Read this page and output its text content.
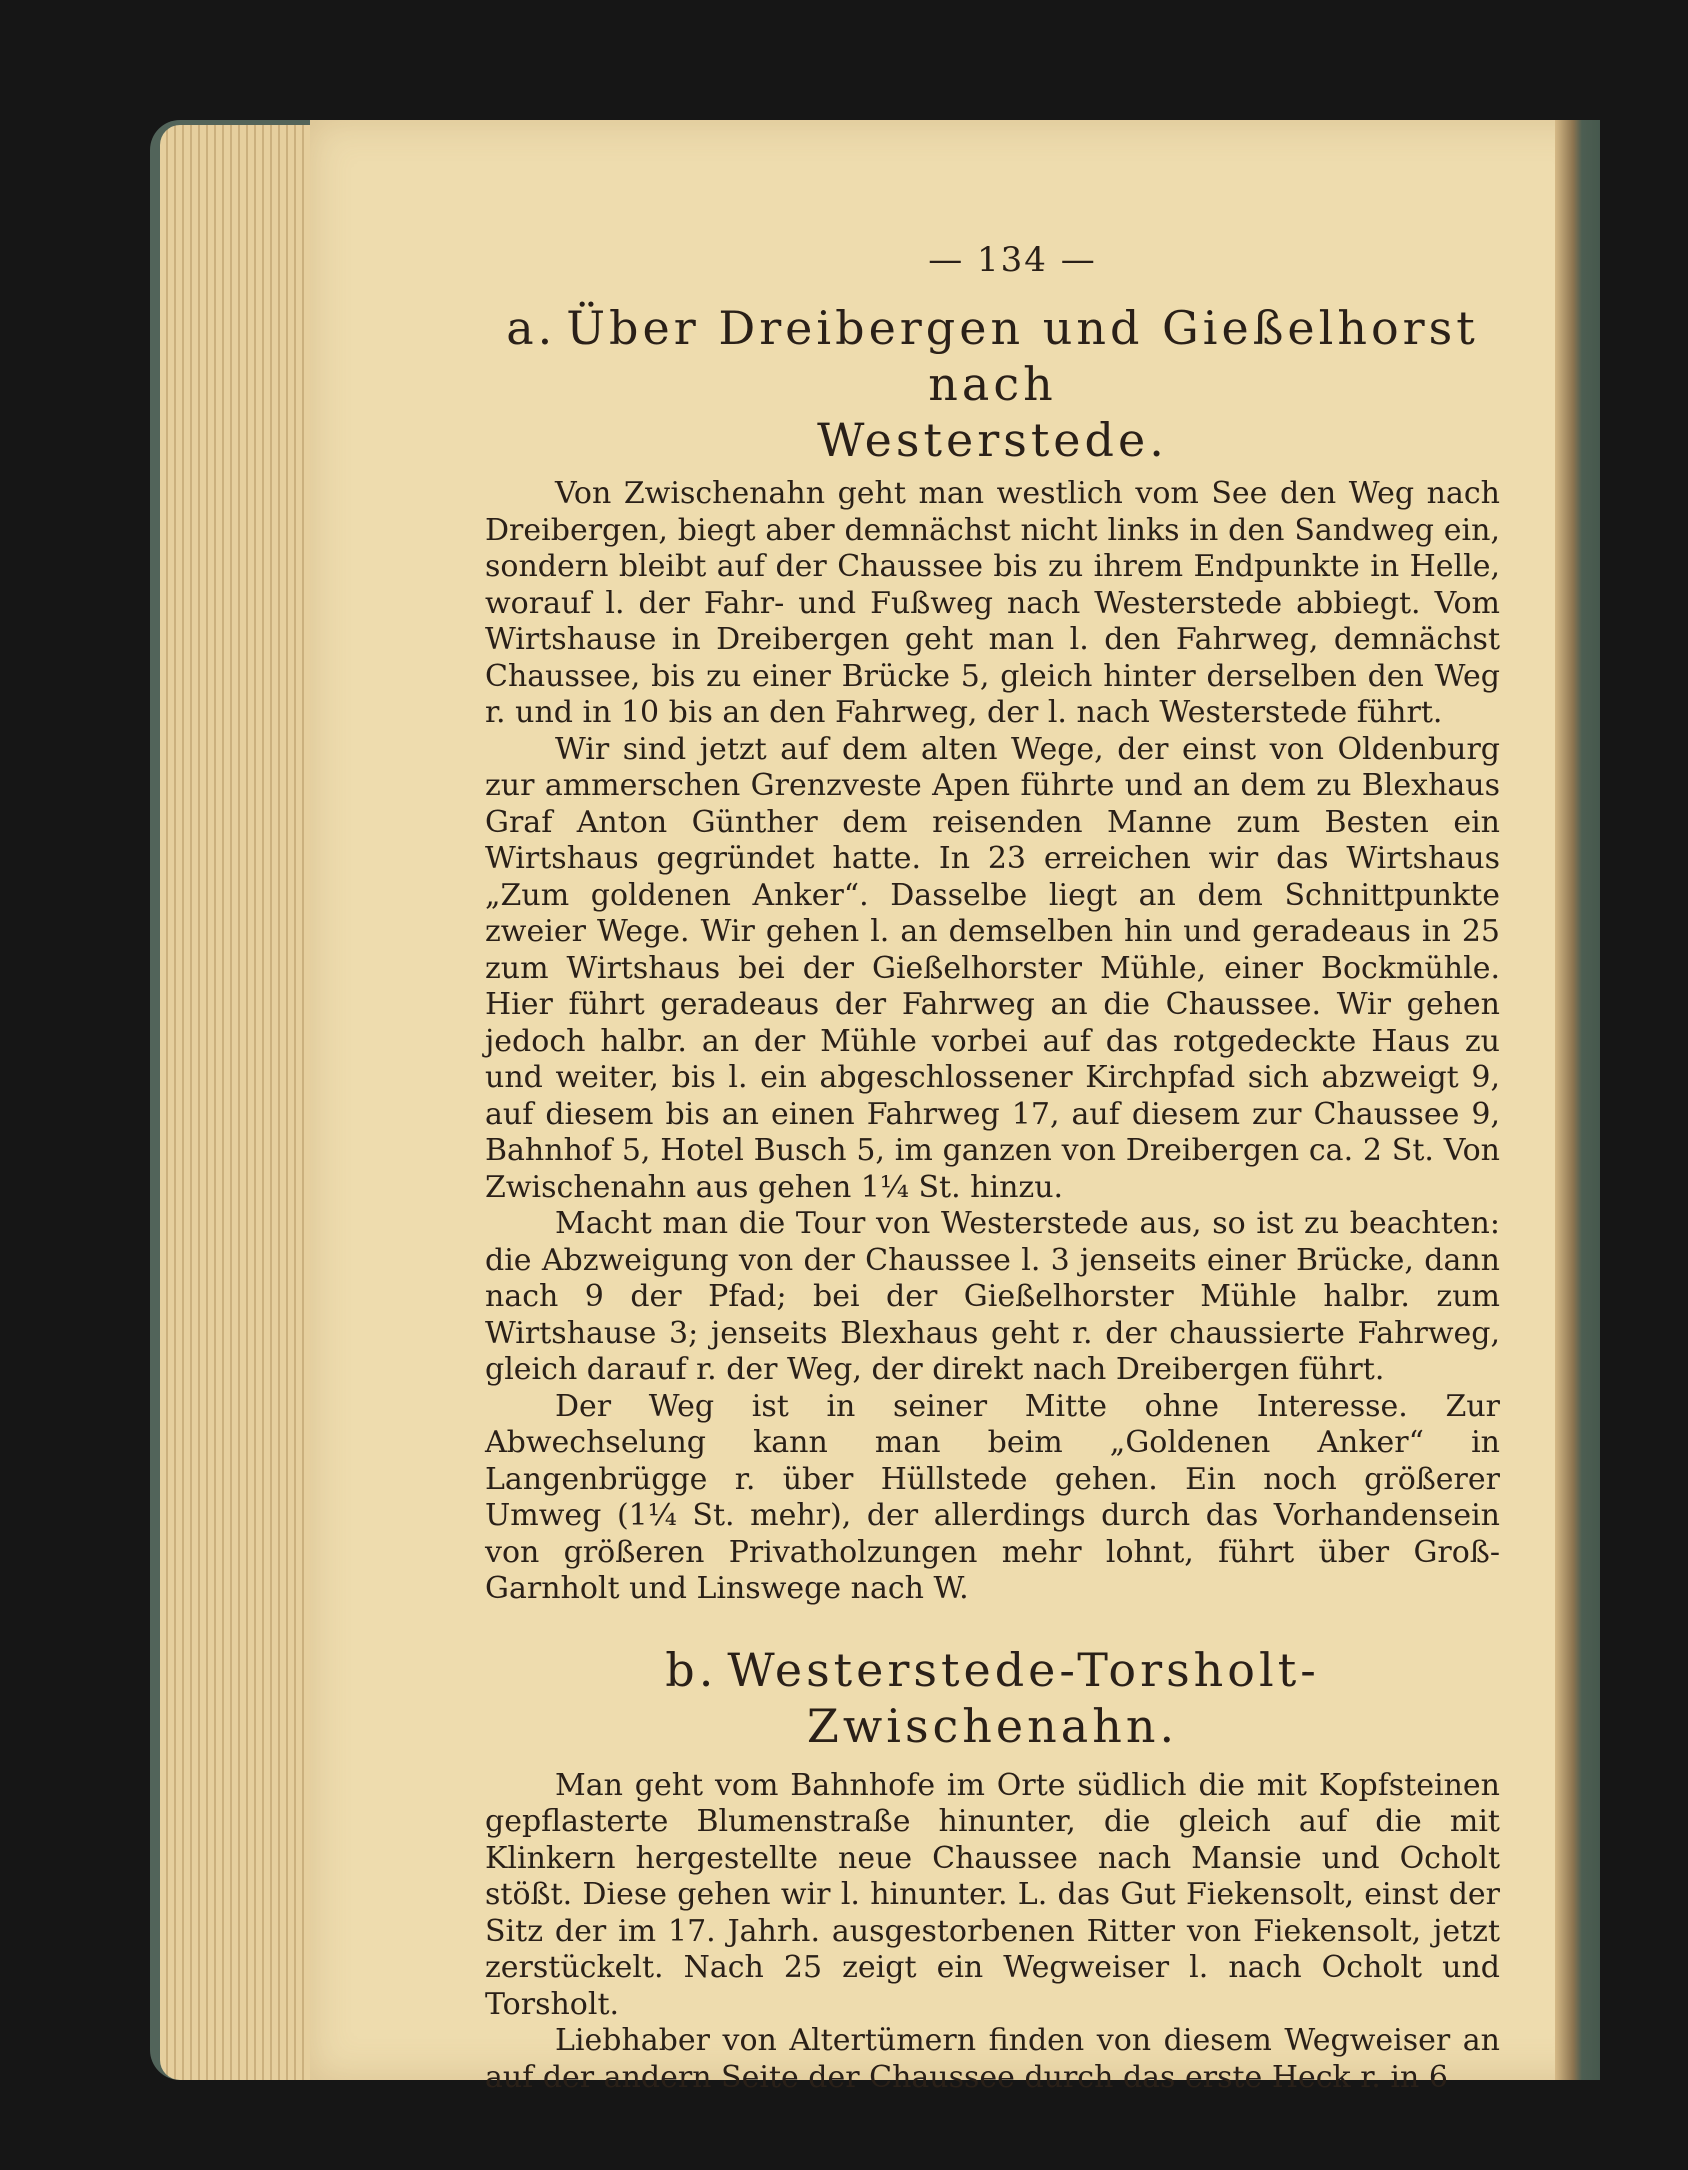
— 134 —
a. Über Dreibergen und Gießelhorst nach
Westerstede.

Von Zwischenahn geht man westlich vom See den Weg nach Dreibergen, biegt aber demnächst nicht links in den Sandweg ein, sondern bleibt auf der Chaussee bis zu ihrem Endpunkte in Helle, worauf l. der Fahr- und Fußweg nach Westerstede abbiegt. Vom Wirtshause in Dreibergen geht man l. den Fahrweg, demnächst Chaussee, bis zu einer Brücke 5, gleich hinter derselben den Weg r. und in 10 bis an den Fahrweg, der l. nach Westerstede führt.

Wir sind jetzt auf dem alten Wege, der einst von Oldenburg zur ammerschen Grenzveste Apen führte und an dem zu Blexhaus Graf Anton Günther dem reisenden Manne zum Besten ein Wirtshaus gegründet hatte. In 23 erreichen wir das Wirtshaus „Zum goldenen Anker“. Dasselbe liegt an dem Schnittpunkte zweier Wege. Wir gehen l. an demselben hin und geradeaus in 25 zum Wirtshaus bei der Gießelhorster Mühle, einer Bockmühle. Hier führt geradeaus der Fahrweg an die Chaussee. Wir gehen jedoch halbr. an der Mühle vorbei auf das rotgedeckte Haus zu und weiter, bis l. ein abgeschlossener Kirchpfad sich abzweigt 9, auf diesem bis an einen Fahrweg 17, auf diesem zur Chaussee 9, Bahnhof 5, Hotel Busch 5, im ganzen von Dreibergen ca. 2 St. Von Zwischenahn aus gehen 1¼ St. hinzu.

Macht man die Tour von Westerstede aus, so ist zu beachten: die Abzweigung von der Chaussee l. 3 jenseits einer Brücke, dann nach 9 der Pfad; bei der Gießelhorster Mühle halbr. zum Wirtshause 3; jenseits Blexhaus geht r. der chaussierte Fahrweg, gleich darauf r. der Weg, der direkt nach Dreibergen führt.

Der Weg ist in seiner Mitte ohne Interesse. Zur Abwechselung kann man beim „Goldenen Anker“ in Langenbrügge r. über Hüllstede gehen. Ein noch größerer Umweg (1¼ St. mehr), der allerdings durch das Vorhandensein von größeren Privatholzungen mehr lohnt, führt über Groß-Garnholt und Linswege nach W.

b. Westerstede-Torsholt-Zwischenahn.

Man geht vom Bahnhofe im Orte südlich die mit Kopfsteinen gepflasterte Blumenstraße hinunter, die gleich auf die mit Klinkern hergestellte neue Chaussee nach Mansie und Ocholt stößt. Diese gehen wir l. hinunter. L. das Gut Fiekensolt, einst der Sitz der im 17. Jahrh. ausgestorbenen Ritter von Fiekensolt, jetzt zerstückelt. Nach 25 zeigt ein Wegweiser l. nach Ocholt und Torsholt.

Liebhaber von Altertümern finden von diesem Wegweiser an auf der andern Seite der Chaussee durch das erste Heck r. in 6
